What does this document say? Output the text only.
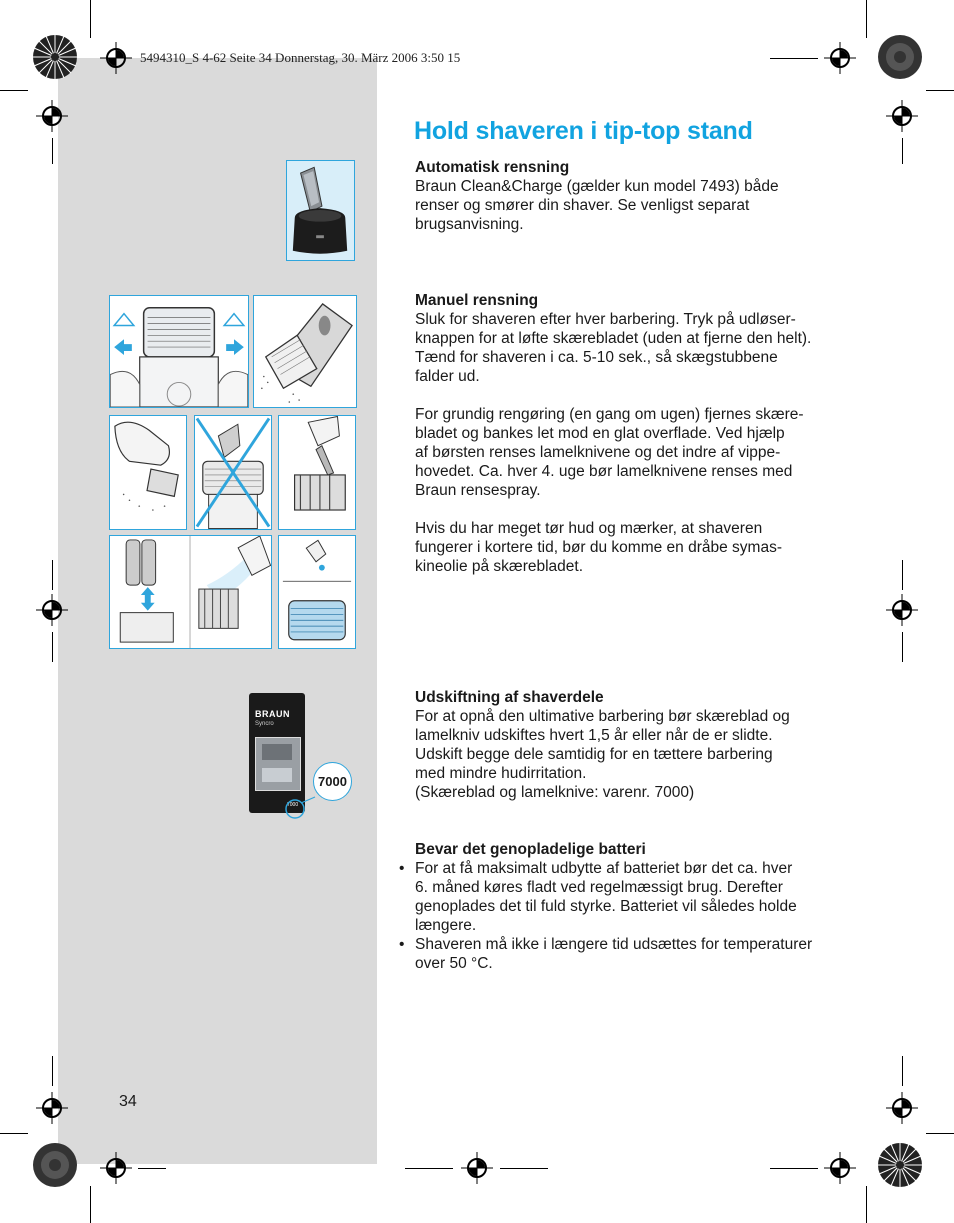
5494310_S 4-62 Seite 34 Donnerstag, 30. März 2006 3:50 15
Hold shaveren i tip-top stand
BRAUN
Syncro
7000
7000
Automatisk rensning

Braun Clean&Charge (gælder kun model 7493) både

renser og smører din shaver. Se venligst separat

brugsanvisning.

Manuel rensning

Sluk for shaveren efter hver barbering. Tryk på udløser-

knappen for at løfte skærebladet (uden at fjerne den helt).

Tænd for shaveren i ca. 5-10 sek., så skægstubbene

falder ud.

For grundig rengøring (en gang om ugen) fjernes skære-

bladet og bankes let mod en glat overflade. Ved hjælp

af børsten renses lamelknivene og det indre af vippe-

hovedet. Ca. hver 4. uge bør lamelknivene renses med

Braun rensespray.

Hvis du har meget tør hud og mærker, at shaveren

fungerer i kortere tid, bør du komme en dråbe symas-

kineolie på skærebladet.

Udskiftning af shaverdele

For at opnå den ultimative barbering bør skæreblad og

lamelkniv udskiftes hvert 1,5 år eller når de er slidte.

Udskift begge dele samtidig for en tættere barbering

med mindre hudirritation.

(Skæreblad og lamelknive: varenr. 7000)

Bevar det genopladelige batteri
• For at få maksimalt udbytte af batteriet bør det ca. hver

6. måned køres fladt ved regelmæssigt brug. Derefter

genoplades det til fuld styrke. Batteriet vil således holde

længere.

• Shaveren må ikke i længere tid udsættes for temperaturer

over 50 °C.

34
